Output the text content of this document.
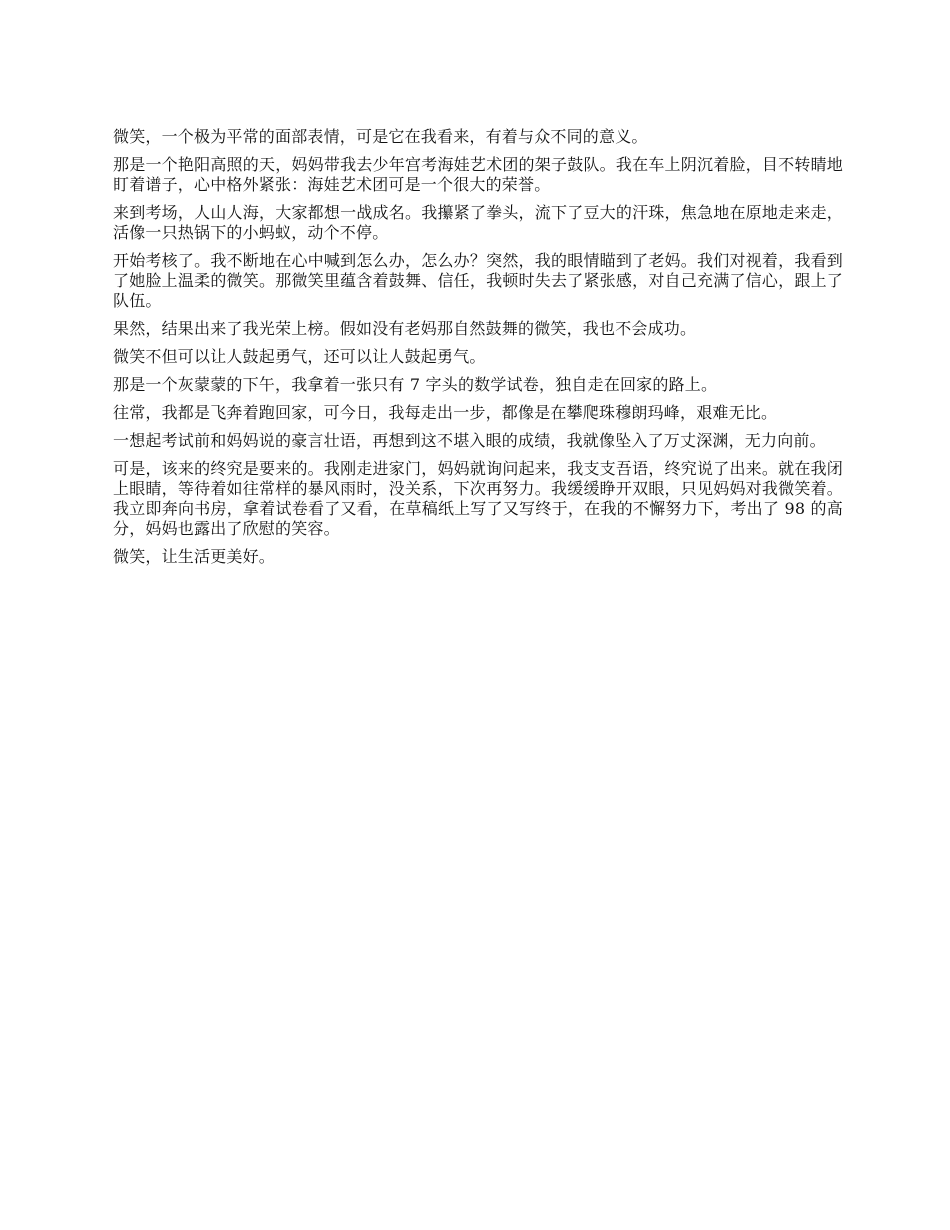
微笑，一个极为平常的面部表情，可是它在我看来，有着与众不同的意义。

那是一个艳阳高照的天，妈妈带我去少年宫考海娃艺术团的架子鼓队。我在车上阴沉着脸，目不转睛地盯着谱子，心中格外紧张：海娃艺术团可是一个很大的荣誉。

来到考场，人山人海，大家都想一战成名。我攥紧了拳头，流下了豆大的汗珠，焦急地在原地走来走，活像一只热锅下的小蚂蚁，动个不停。

开始考核了。我不断地在心中喊到怎么办，怎么办？突然，我的眼情瞄到了老妈。我们对视着，我看到了她脸上温柔的微笑。那微笑里蕴含着鼓舞、信任，我顿时失去了紧张感，对自己充满了信心，跟上了队伍。

果然，结果出来了我光荣上榜。假如没有老妈那自然鼓舞的微笑，我也不会成功。

微笑不但可以让人鼓起勇气，还可以让人鼓起勇气。

那是一个灰蒙蒙的下午，我拿着一张只有 7 字头的数学试卷，独自走在回家的路上。

往常，我都是飞奔着跑回家，可今日，我每走出一步，都像是在攀爬珠穆朗玛峰，艰难无比。

一想起考试前和妈妈说的豪言壮语，再想到这不堪入眼的成绩，我就像坠入了万丈深渊，无力向前。

可是，该来的终究是要来的。我刚走进家门，妈妈就询问起来，我支支吾语，终究说了出来。就在我闭上眼睛，等待着如往常样的暴风雨时，没关系，下次再努力。我缓缓睁开双眼，只见妈妈对我微笑着。我立即奔向书房，拿着试卷看了又看，在草稿纸上写了又写终于，在我的不懈努力下，考出了 98 的高分，妈妈也露出了欣慰的笑容。

微笑，让生活更美好。
